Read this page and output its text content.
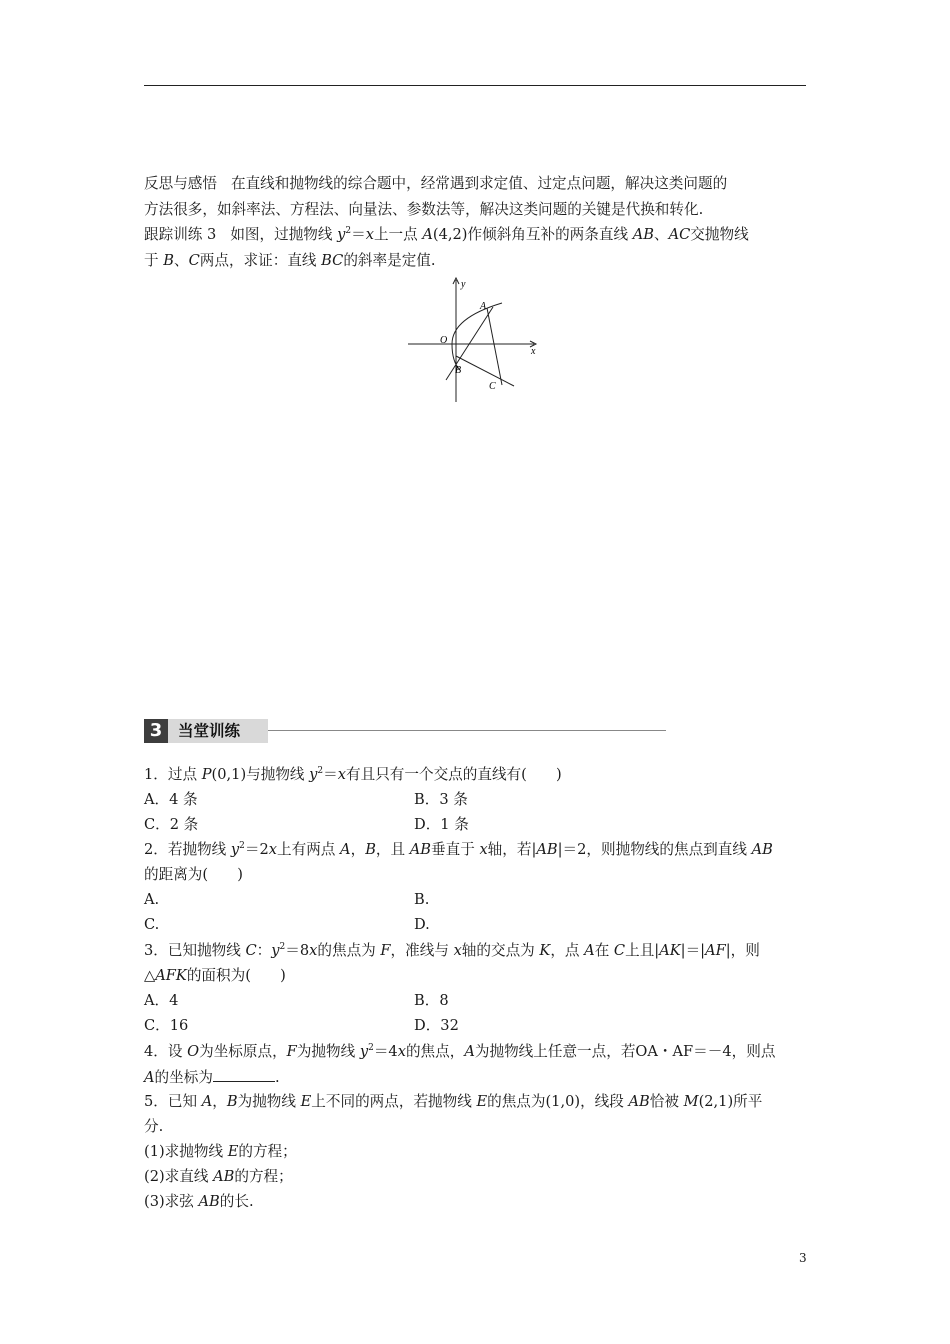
反思与感悟 在直线和抛物线的综合题中，经常遇到求定值、过定点问题，解决这类问题的
方法很多，如斜率法、方程法、向量法、参数法等，解决这类问题的关键是代换和转化.
跟踪训练 3 如图，过抛物线 $y^2=x$上一点 A(4,2)作倾斜角互补的两条直线 AB、AC交抛物线
于 B、C两点，求证：直线 BC的斜率是定值.
y
x
O
A
B
C
3	当堂训练
1．过点 P(0,1)与抛物线 $y^2=x$有且只有一个交点的直线有(　　)
A．4 条	B．3 条
C．2 条	D．1 条
2．若抛物线 $y^2=2x$上有两点 A，B，且 AB垂直于 x轴，若|AB|＝2，则抛物线的焦点到直线 AB
的距离为(　　)
A.	B.
C.	D.
3．已知抛物线 C：$y^2=8x$的焦点为 F，准线与 x轴的交点为 K，点 A在 C上且|AK|＝|AF|，则
△AFK的面积为(　　)
A．4	B．8
C．16	D．32
4．设 O为坐标原点，F为抛物线 $y^2=4x$的焦点，A为抛物线上任意一点，若OA・AF＝－4，则点
A的坐标为	.
5．已知 A，B为抛物线 E上不同的两点，若抛物线 E的焦点为(1,0)，线段 AB恰被 M(2,1)所平
分.
(1)求抛物线 E的方程；
(2)求直线 AB的方程；
(3)求弦 AB的长.
3
